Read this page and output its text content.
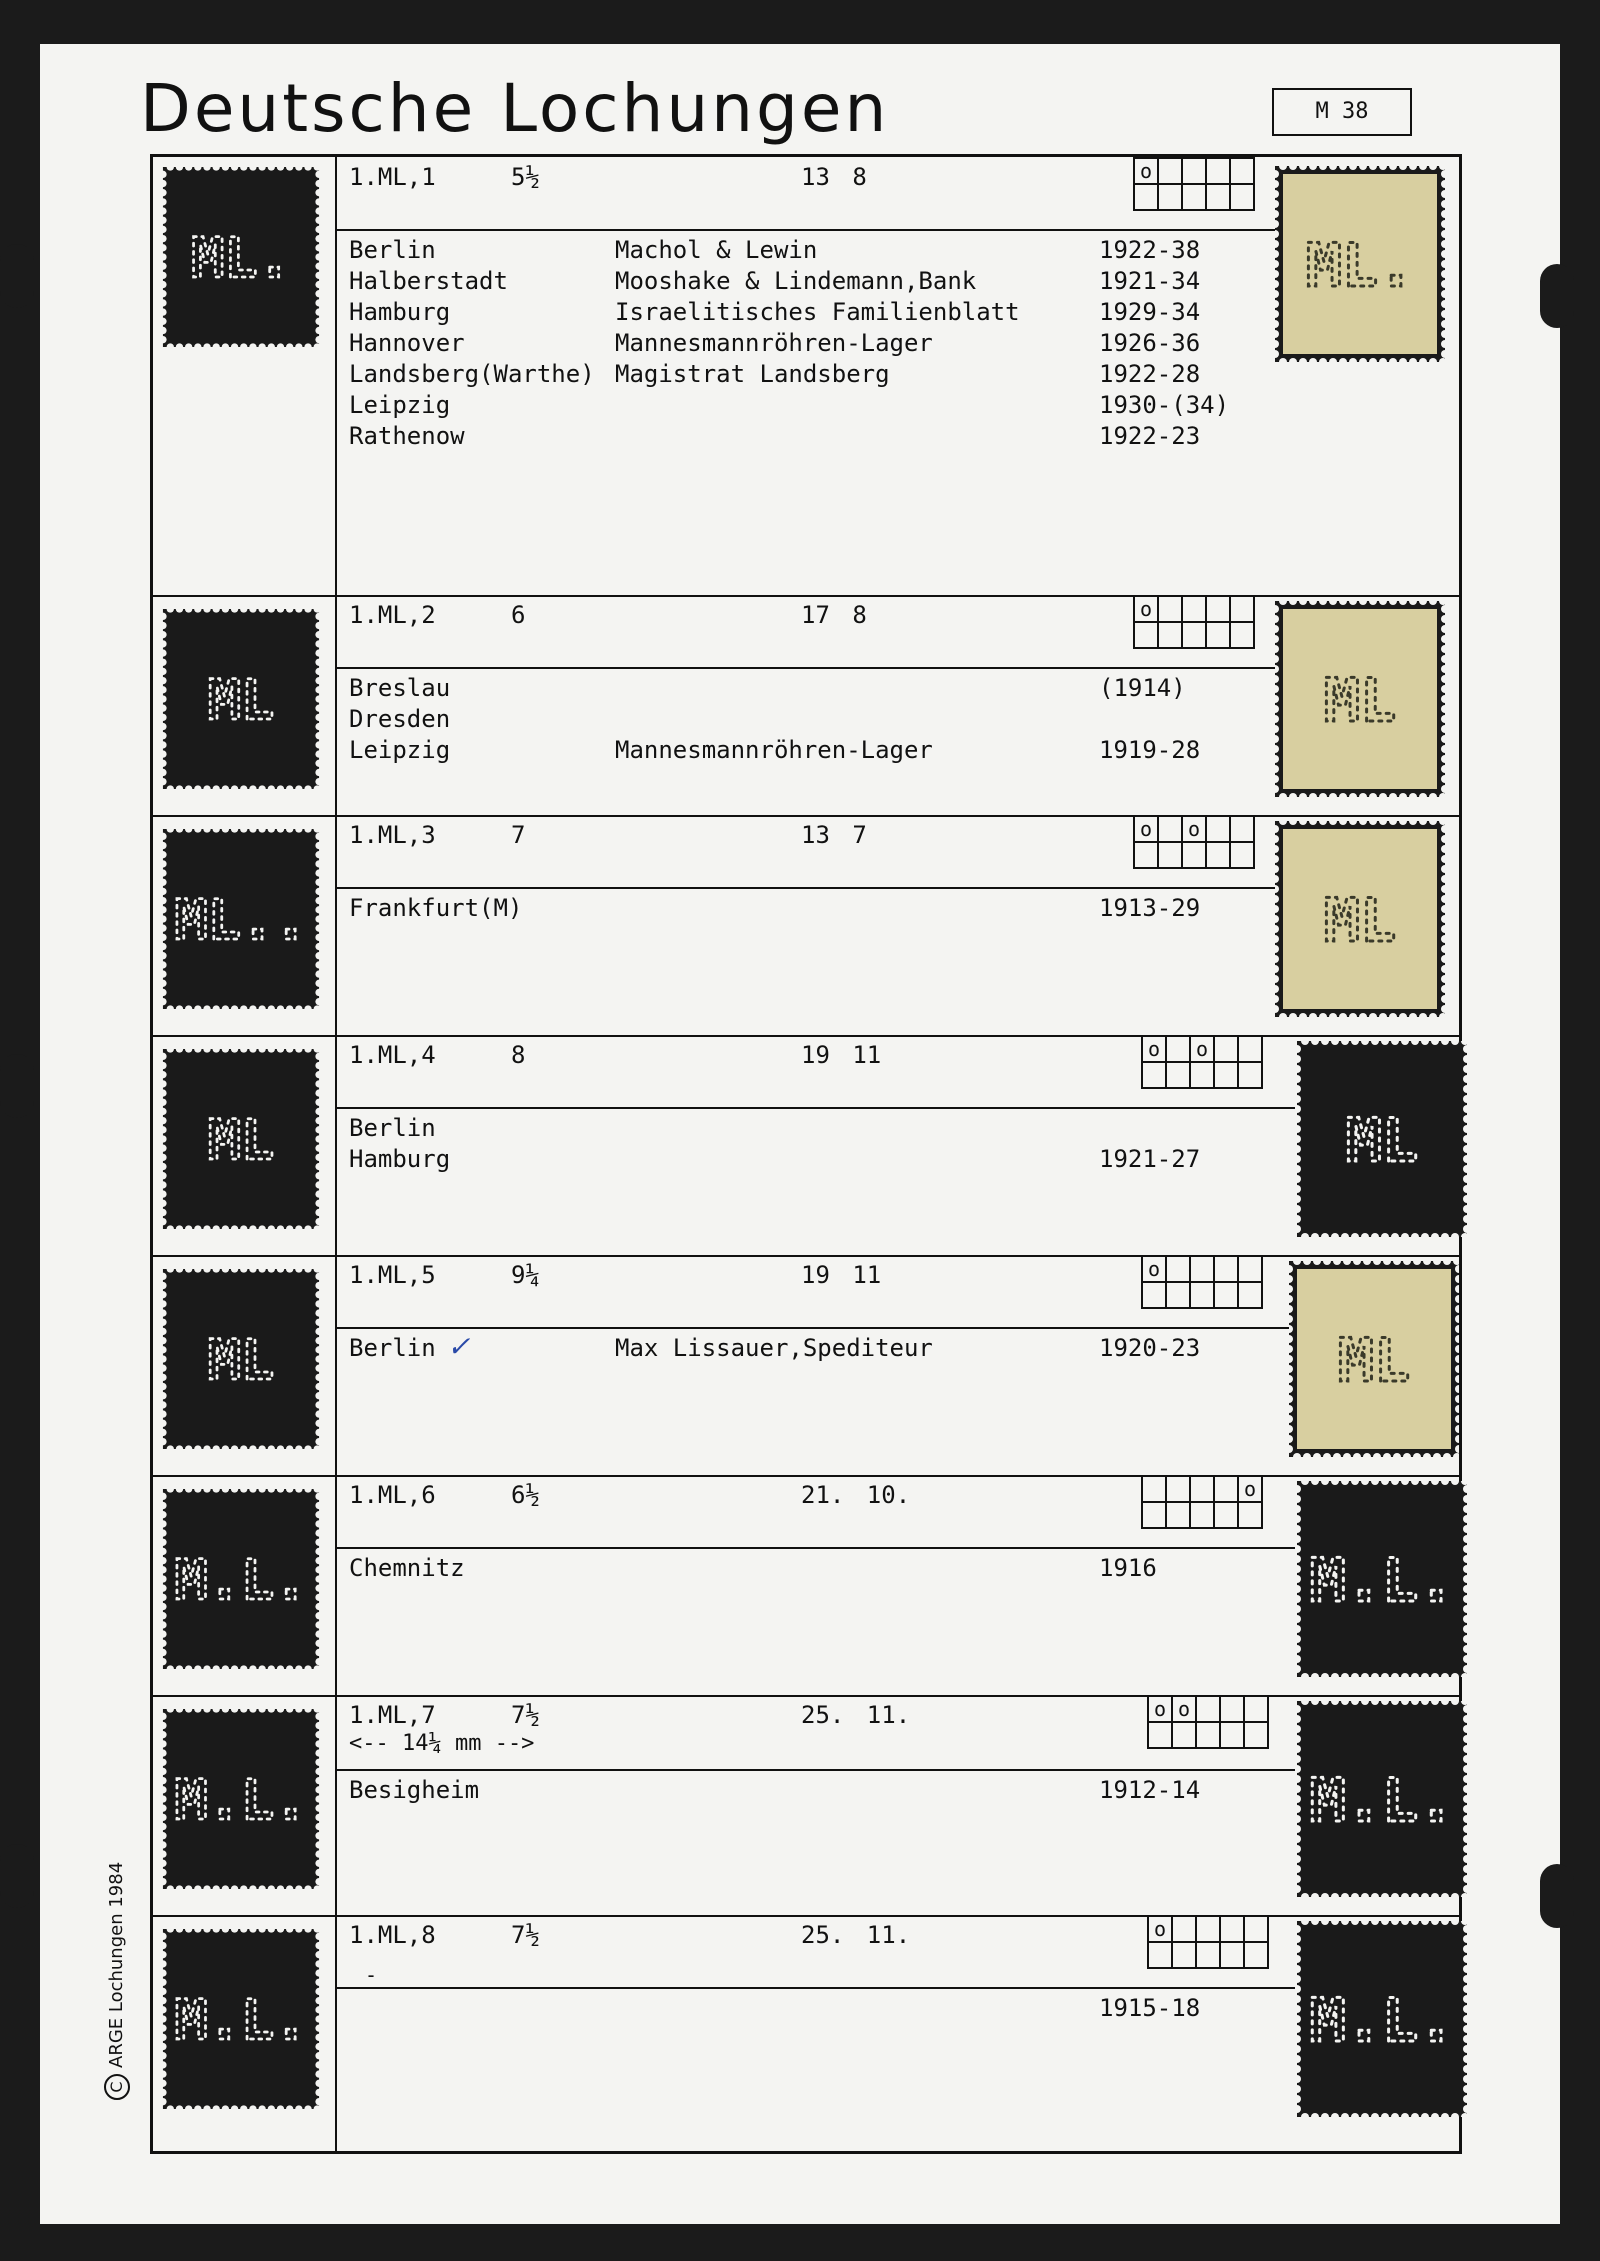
Deutsche Lochungen	M 38
ML.
1.ML,1	5½	13 8	o				

Berlin	Machol & Lewin	1922-38
Halberstadt	Mooshake & Lindemann,Bank	1921-34
Hamburg	Israelitisches Familienblatt	1929-34
Hannover	Mannesmannröhren-Lager	1926-36
Landsberg(Warthe) Magistrat Landsberg	1922-28
Leipzig	1930-(34)
Rathenow	1922-23
ML.
ML
1.ML,2	6	17 8	o				

Breslau	(1914)
Dresden
Leipzig	Mannesmannröhren-Lager	1919-28
ML
ML..
1.ML,3	7	13 7	o		o		

Frankfurt(M)	1913-29 ML
ML
1.ML,4	8	19 11	o		o		

Berlin
Hamburg	1921-27 ML
ML
1.ML,5	9¼	19 11	o				

Berlin	Max Lissauer,Spediteur	1920-23
✓	ML
M.L.
1.ML,6	6½	21. 10.
					o

Chemnitz	1916	M.L.
M.L.
1.ML,7	7½	25. 11.
<-- 14¼ mm -->
o	o			

Besigheim	1912-14 M.L.
M.L.
1.ML,8	7½	25. 11.
-
o				

1915-18 M.L.
CARGE Lochungen 1984
